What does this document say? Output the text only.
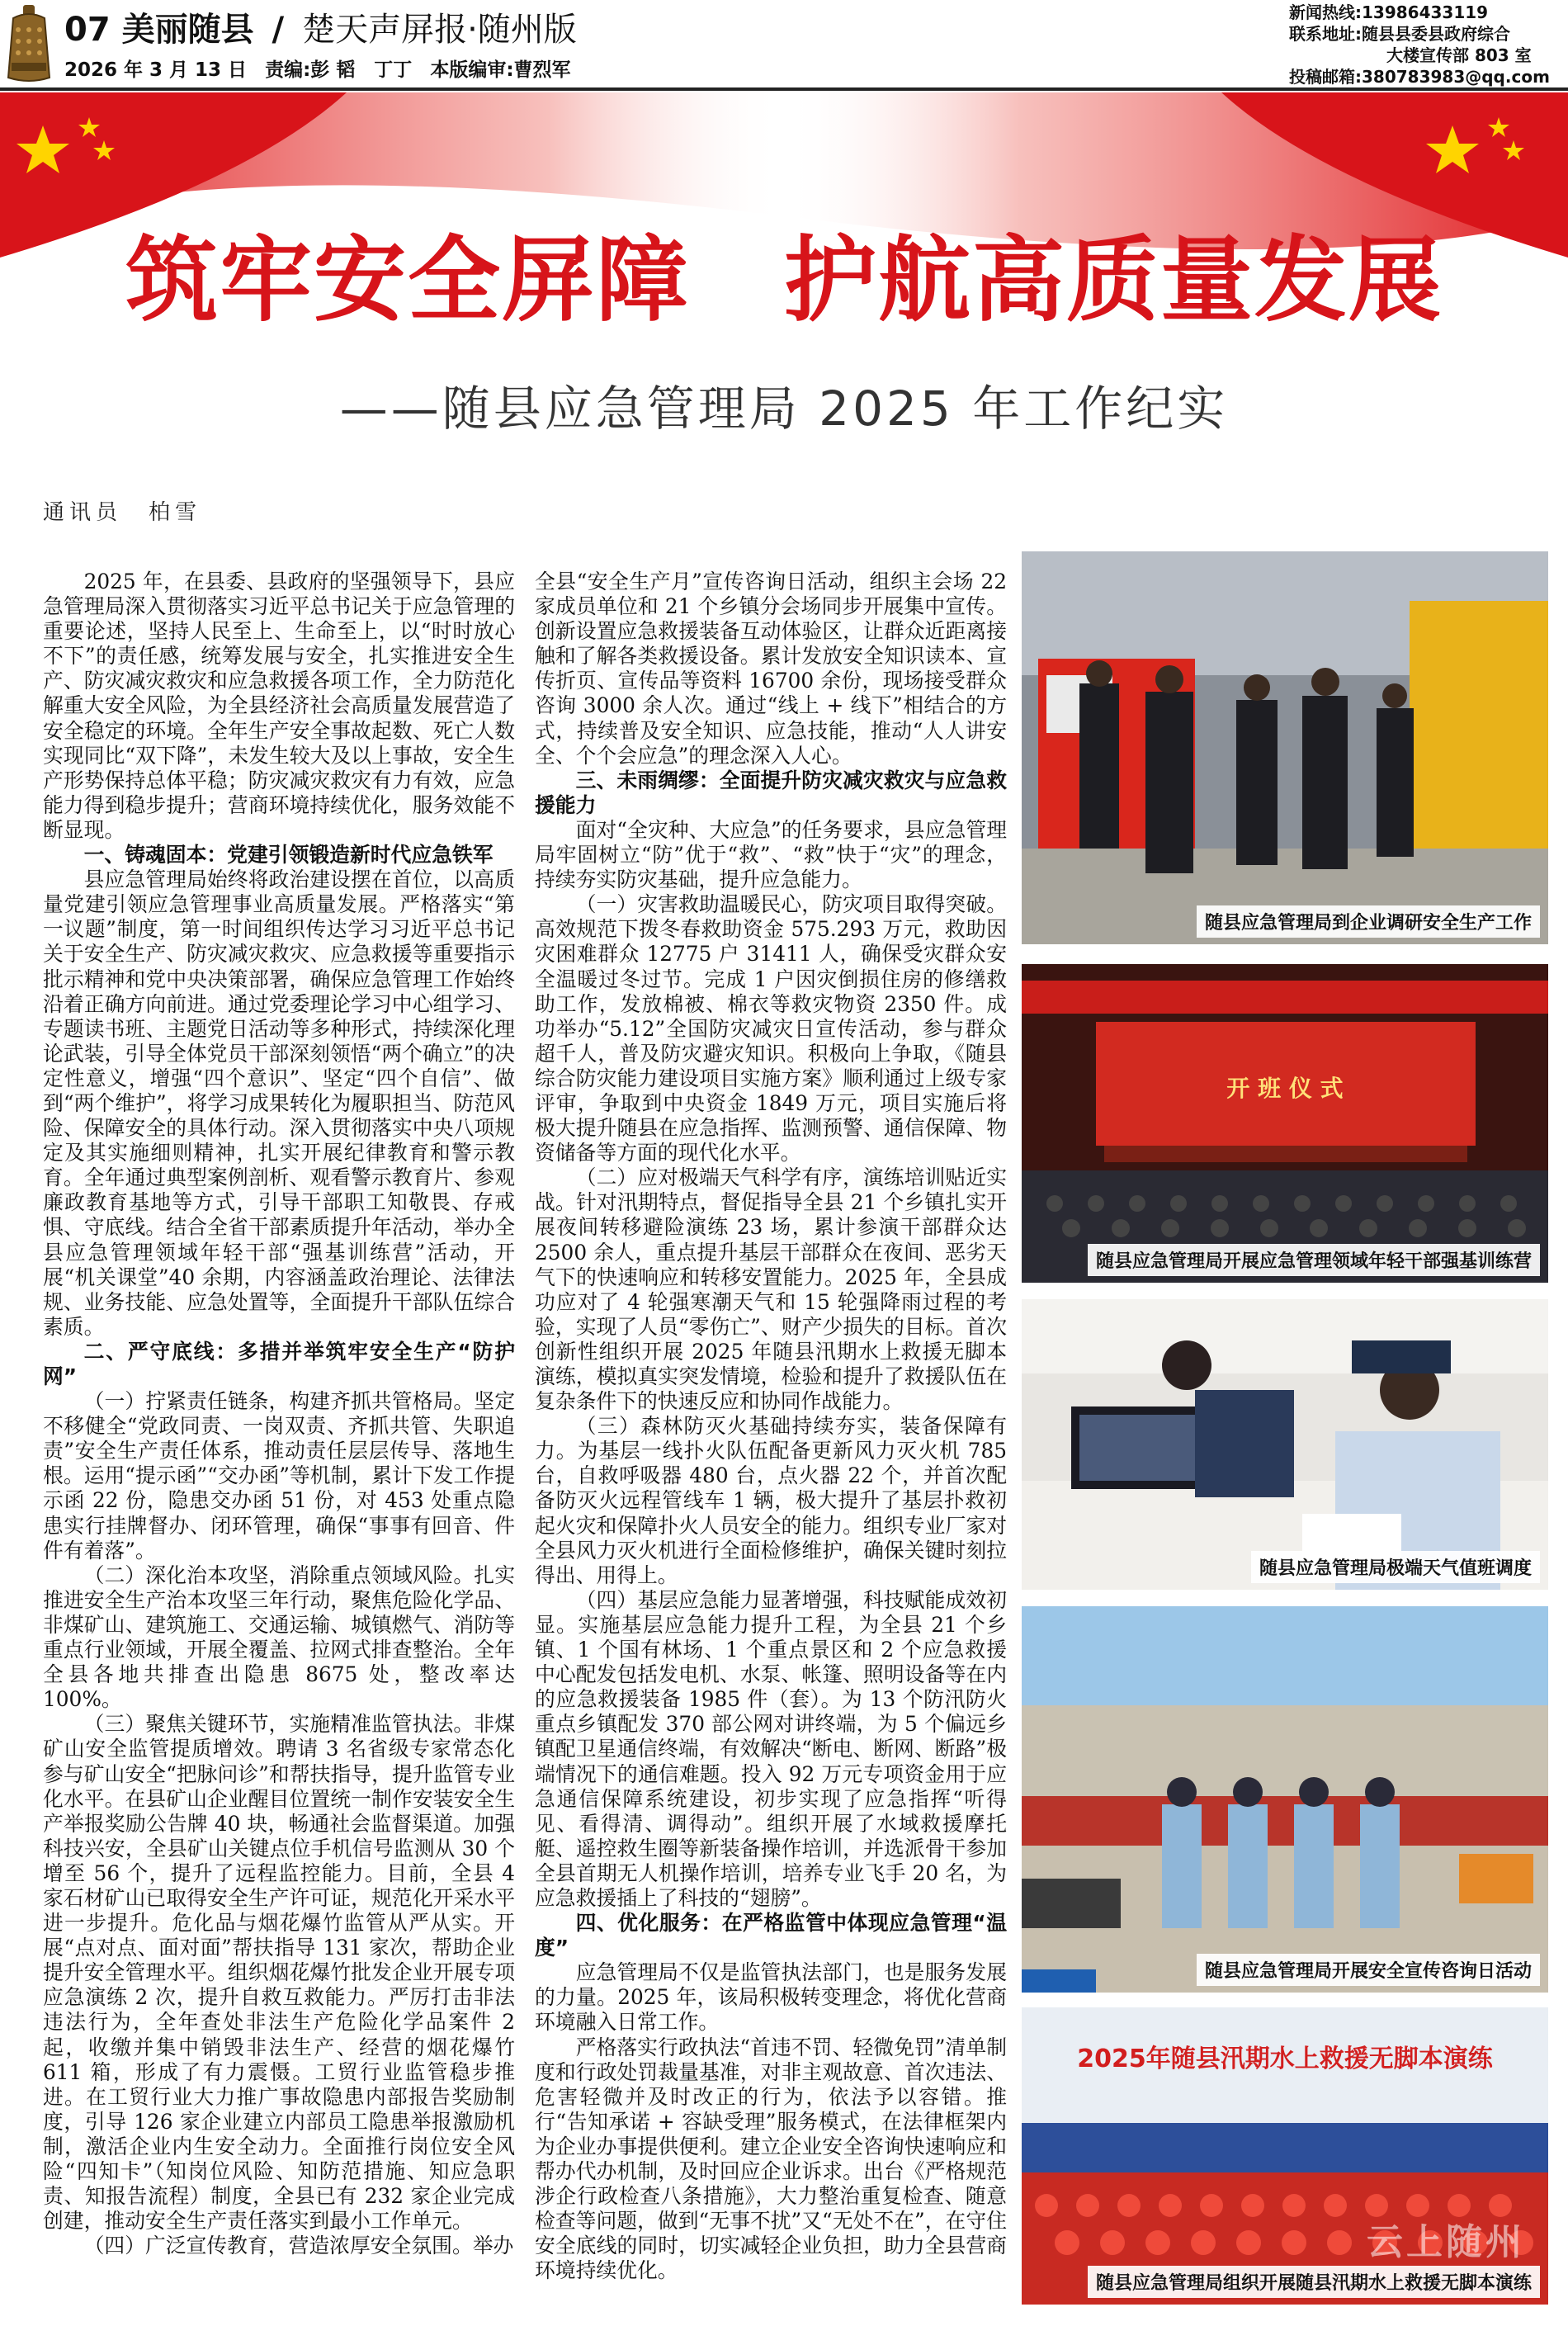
07 美丽随县 / 楚天声屏报·随州版
2026 年 3 月 13 日 责编:彭 韬　丁丁 本版编审:曹烈军
新闻热线:13986433119
联系地址:随县县委县政府综合
大楼宣传部 803 室
投稿邮箱:380783983@qq.com
筑牢安全屏障　护航高质量发展
——随县应急管理局 2025 年工作纪实
通讯员　柏雪

2025 年，在县委、县政府的坚强领导下，县应急管理局深入贯彻落实习近平总书记关于应急管理的重要论述，坚持人民至上、生命至上，以“时时放心不下”的责任感，统筹发展与安全，扎实推进安全生产、防灾减灾救灾和应急救援各项工作，全力防范化解重大安全风险，为全县经济社会高质量发展营造了安全稳定的环境。全年生产安全事故起数、死亡人数实现同比“双下降”，未发生较大及以上事故，安全生产形势保持总体平稳；防灾减灾救灾有力有效，应急能力得到稳步提升；营商环境持续优化，服务效能不断显现。

一、铸魂固本：党建引领锻造新时代应急铁军

县应急管理局始终将政治建设摆在首位，以高质量党建引领应急管理事业高质量发展。严格落实“第一议题”制度，第一时间组织传达学习习近平总书记关于安全生产、防灾减灾救灾、应急救援等重要指示批示精神和党中央决策部署，确保应急管理工作始终沿着正确方向前进。通过党委理论学习中心组学习、专题读书班、主题党日活动等多种形式，持续深化理论武装，引导全体党员干部深刻领悟“两个确立”的决定性意义，增强“四个意识”、坚定“四个自信”、做到“两个维护”，将学习成果转化为履职担当、防范风险、保障安全的具体行动。深入贯彻落实中央八项规定及其实施细则精神，扎实开展纪律教育和警示教育。全年通过典型案例剖析、观看警示教育片、参观廉政教育基地等方式，引导干部职工知敬畏、存戒惧、守底线。结合全省干部素质提升年活动，举办全县应急管理领域年轻干部“强基训练营”活动，开展“机关课堂”40 余期，内容涵盖政治理论、法律法规、业务技能、应急处置等，全面提升干部队伍综合素质。

二、严守底线：多措并举筑牢安全生产“防护网”

（一）拧紧责任链条，构建齐抓共管格局。坚定不移健全“党政同责、一岗双责、齐抓共管、失职追责”安全生产责任体系，推动责任层层传导、落地生根。运用“提示函”“交办函”等机制，累计下发工作提示函 22 份，隐患交办函 51 份，对 453 处重点隐患实行挂牌督办、闭环管理，确保“事事有回音、件件有着落”。

（二）深化治本攻坚，消除重点领域风险。扎实推进安全生产治本攻坚三年行动，聚焦危险化学品、非煤矿山、建筑施工、交通运输、城镇燃气、消防等重点行业领域，开展全覆盖、拉网式排查整治。全年全县各地共排查出隐患 8675 处，整改率达 100%。

（三）聚焦关键环节，实施精准监管执法。非煤矿山安全监管提质增效。聘请 3 名省级专家常态化参与矿山安全“把脉问诊”和帮扶指导，提升监管专业化水平。在县矿山企业醒目位置统一制作安装安全生产举报奖励公告牌 40 块，畅通社会监督渠道。加强科技兴安，全县矿山关键点位手机信号监测从 30 个增至 56 个，提升了远程监控能力。目前，全县 4 家石材矿山已取得安全生产许可证，规范化开采水平进一步提升。危化品与烟花爆竹监管从严从实。开展“点对点、面对面”帮扶指导 131 家次，帮助企业提升安全管理水平。组织烟花爆竹批发企业开展专项应急演练 2 次，提升自救互救能力。严厉打击非法违法行为，全年查处非法生产危险化学品案件 2 起，收缴并集中销毁非法生产、经营的烟花爆竹 611 箱，形成了有力震慑。工贸行业监管稳步推进。在工贸行业大力推广事故隐患内部报告奖励制度，引导 126 家企业建立内部员工隐患举报激励机制，激活企业内生安全动力。全面推行岗位安全风险“四知卡”（知岗位风险、知防范措施、知应急职责、知报告流程）制度，全县已有 232 家企业完成创建，推动安全生产责任落实到最小工作单元。

（四）广泛宣传教育，营造浓厚安全氛围。举办

全县“安全生产月”宣传咨询日活动，组织主会场 22 家成员单位和 21 个乡镇分会场同步开展集中宣传。创新设置应急救援装备互动体验区，让群众近距离接触和了解各类救援设备。累计发放安全知识读本、宣传折页、宣传品等资料 16700 余份，现场接受群众咨询 3000 余人次。通过“线上 + 线下”相结合的方式，持续普及安全知识、应急技能，推动“人人讲安全、个个会应急”的理念深入人心。

三、未雨绸缪：全面提升防灾减灾救灾与应急救援能力

面对“全灾种、大应急”的任务要求，县应急管理局牢固树立“防”优于“救”、“救”快于“灾”的理念，持续夯实防灾基础，提升应急能力。

（一）灾害救助温暖民心，防灾项目取得突破。高效规范下拨冬春救助资金 575.293 万元，救助因灾困难群众 12775 户 31411 人，确保受灾群众安全温暖过冬过节。完成 1 户因灾倒损住房的修缮救助工作，发放棉被、棉衣等救灾物资 2350 件。成功举办“5.12”全国防灾减灾日宣传活动，参与群众超千人，普及防灾避灾知识。积极向上争取，《随县综合防灾能力建设项目实施方案》顺利通过上级专家评审，争取到中央资金 1849 万元，项目实施后将极大提升随县在应急指挥、监测预警、通信保障、物资储备等方面的现代化水平。

（二）应对极端天气科学有序，演练培训贴近实战。针对汛期特点，督促指导全县 21 个乡镇扎实开展夜间转移避险演练 23 场，累计参演干部群众达 2500 余人，重点提升基层干部群众在夜间、恶劣天气下的快速响应和转移安置能力。2025 年，全县成功应对了 4 轮强寒潮天气和 15 轮强降雨过程的考验，实现了人员“零伤亡”、财产少损失的目标。首次创新性组织开展 2025 年随县汛期水上救援无脚本演练，模拟真实突发情境，检验和提升了救援队伍在复杂条件下的快速反应和协同作战能力。

（三）森林防灭火基础持续夯实，装备保障有力。为基层一线扑火队伍配备更新风力灭火机 785 台，自救呼吸器 480 台，点火器 22 个，并首次配备防灭火远程管线车 1 辆，极大提升了基层扑救初起火灾和保障扑火人员安全的能力。组织专业厂家对全县风力灭火机进行全面检修维护，确保关键时刻拉得出、用得上。

（四）基层应急能力显著增强，科技赋能成效初显。实施基层应急能力提升工程，为全县 21 个乡镇、1 个国有林场、1 个重点景区和 2 个应急救援中心配发包括发电机、水泵、帐篷、照明设备等在内的应急救援装备 1985 件（套）。为 13 个防汛防火重点乡镇配发 370 部公网对讲终端，为 5 个偏远乡镇配卫星通信终端，有效解决“断电、断网、断路”极端情况下的通信难题。投入 92 万元专项资金用于应急通信保障系统建设，初步实现了应急指挥“听得见、看得清、调得动”。组织开展了水域救援摩托艇、遥控救生圈等新装备操作培训，并选派骨干参加全县首期无人机操作培训，培养专业飞手 20 名，为应急救援插上了科技的“翅膀”。

四、优化服务：在严格监管中体现应急管理“温度”

应急管理局不仅是监管执法部门，也是服务发展的力量。2025 年，该局积极转变理念，将优化营商环境融入日常工作。

严格落实行政执法“首违不罚、轻微免罚”清单制度和行政处罚裁量基准，对非主观故意、首次违法、危害轻微并及时改正的行为，依法予以容错。推行“告知承诺 + 容缺受理”服务模式，在法律框架内为企业办事提供便利。建立企业安全咨询快速响应和帮办代办机制，及时回应企业诉求。出台《严格规范涉企行政检查八条措施》，大力整治重复检查、随意检查等问题，做到“无事不扰”又“无处不在”，在守住安全底线的同时，切实减轻企业负担，助力全县营商环境持续优化。

随县应急管理局到企业调研安全生产工作
开 班 仪 式
随县应急管理局开展应急管理领域年轻干部强基训练营
随县应急管理局极端天气值班调度
随县应急管理局开展安全宣传咨询日活动
2025年随县汛期水上救援无脚本演练
云上随州
随县应急管理局组织开展随县汛期水上救援无脚本演练
